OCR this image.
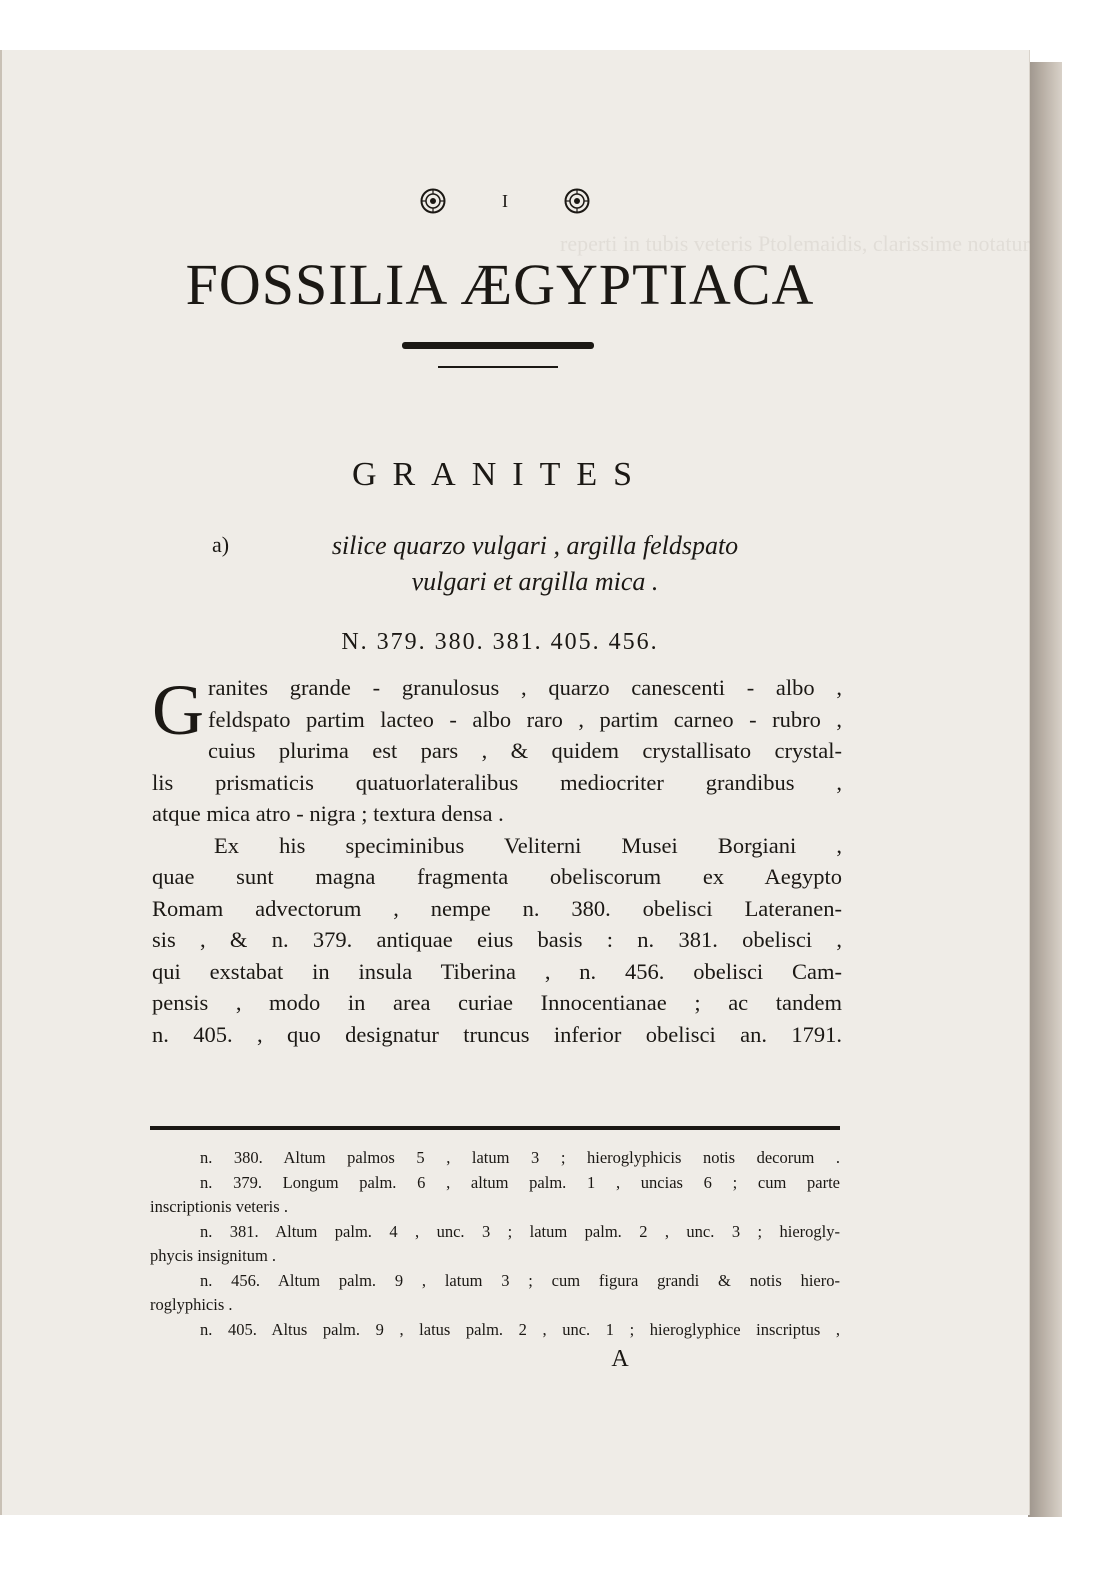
reperti in tubis veteris Ptolemaidis, clarissime notatur
I
FOSSILIA ÆGYPTIACA
GRANITES
a)	silice quarzo vulgari , argilla feldspato
vulgari et argilla mica .
N. 379. 380. 381. 405. 456.
G ranites grande - granulosus , quarzo canescenti - albo ,
feldspato partim lacteo - albo raro , partim carneo - rubro ,
cuius plurima est pars , & quidem crystallisato crystal-
lis prismaticis quatuorlateralibus mediocriter grandibus ,
atque mica atro - nigra ; textura densa .
Ex his speciminibus Veliterni Musei Borgiani ,
quae sunt magna fragmenta obeliscorum ex Aegypto
Romam advectorum , nempe n. 380. obelisci Lateranen-
sis , & n. 379. antiquae eius basis : n. 381. obelisci ,
qui exstabat in insula Tiberina , n. 456. obelisci Cam-
pensis , modo in area curiae Innocentianae ; ac tandem
n. 405. , quo designatur truncus inferior obelisci an. 1791.
n. 380. Altum palmos 5 , latum 3 ; hieroglyphicis notis decorum .
n. 379. Longum palm. 6 , altum palm. 1 , uncias 6 ; cum parte
inscriptionis veteris .
n. 381. Altum palm. 4 , unc. 3 ; latum palm. 2 , unc. 3 ; hierogly-
phycis insignitum .
n. 456. Altum palm. 9 , latum 3 ; cum figura grandi & notis hiero-
roglyphicis .
n. 405. Altus palm. 9 , latus palm. 2 , unc. 1 ; hieroglyphice inscriptus ,
A
